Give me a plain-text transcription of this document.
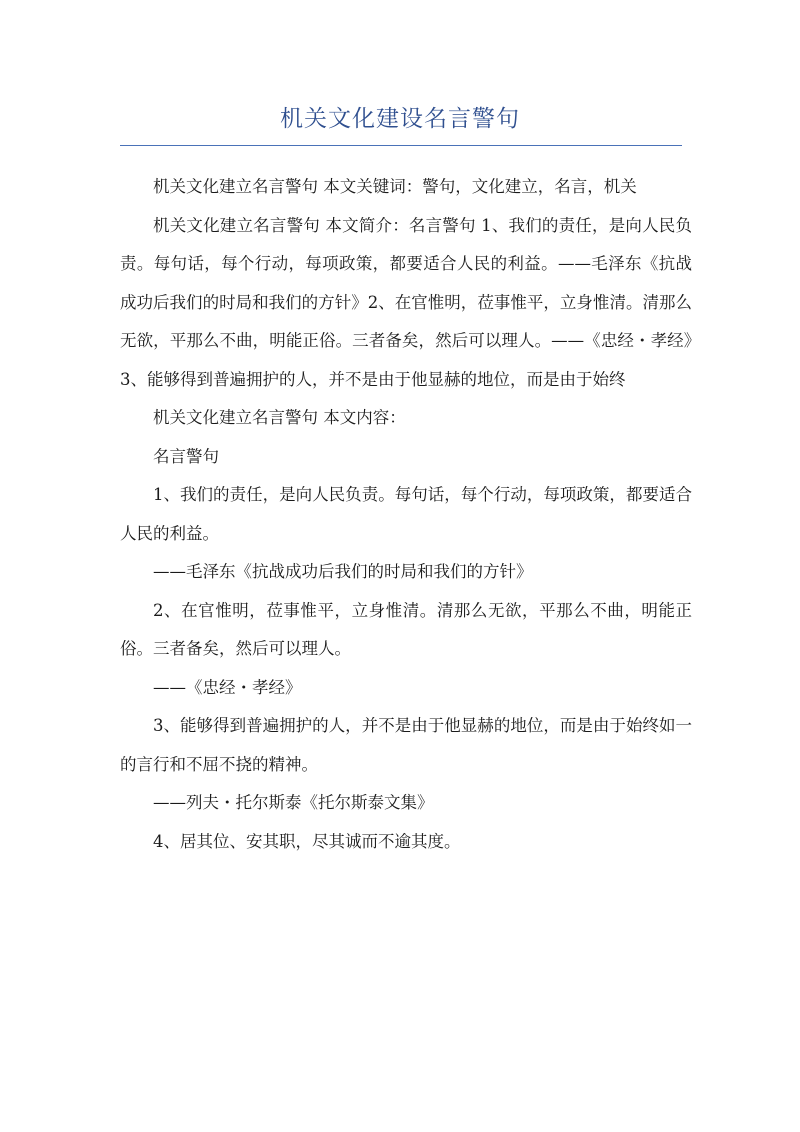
机关文化建设名言警句

机关文化建立名言警句 本文关键词：警句，文化建立，名言，机关

机关文化建立名言警句 本文简介：名言警句 1、我们的责任，是向人民负责。每句话，每个行动，每项政策，都要适合人民的利益。——毛泽东《抗战成功后我们的时局和我们的方针》2、在官惟明，莅事惟平，立身惟清。清那么无欲，平那么不曲，明能正俗。三者备矣，然后可以理人。——《忠经・孝经》3、能够得到普遍拥护的人，并不是由于他显赫的地位，而是由于始终

机关文化建立名言警句 本文内容：

名言警句

1、我们的责任，是向人民负责。每句话，每个行动，每项政策，都要适合人民的利益。

——毛泽东《抗战成功后我们的时局和我们的方针》

2、在官惟明，莅事惟平，立身惟清。清那么无欲，平那么不曲，明能正俗。三者备矣，然后可以理人。

——《忠经・孝经》

3、能够得到普遍拥护的人，并不是由于他显赫的地位，而是由于始终如一的言行和不屈不挠的精神。

——列夫・托尔斯泰《托尔斯泰文集》

4、居其位、安其职，尽其诚而不逾其度。
